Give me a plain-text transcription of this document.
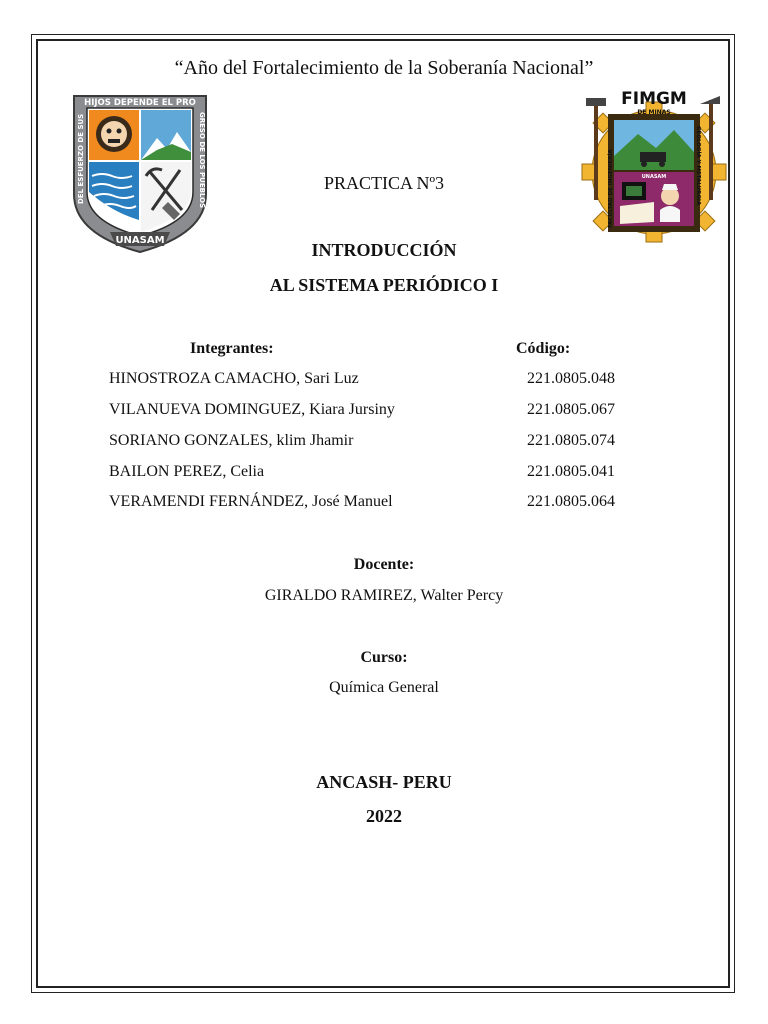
“Año del Fortalecimiento de la Soberanía Nacional”
HIJOS DEPENDE EL PRO
DEL ESFUERZO DE SUS	GRESO DE LOS PUEBLOS
UNASAM
FIMGM
DE MINAS
FACULTAD DE INGENIERÍA	GEOLOGÍA Y METALURGIA
UNASAM
PRACTICA Nº3
INTRODUCCIÓN
AL SISTEMA PERIÓDICO I
Integrantes:	Código:
HINOSTROZA CAMACHO, Sari Luz	221.0805.048
VILANUEVA DOMINGUEZ, Kiara Jursiny	221.0805.067
SORIANO GONZALES, klim Jhamir	221.0805.074
BAILON PEREZ, Celia	221.0805.041
VERAMENDI FERNÁNDEZ, José Manuel	221.0805.064
Docente:
GIRALDO RAMIREZ, Walter Percy
Curso:
Química General
ANCASH- PERU
2022
